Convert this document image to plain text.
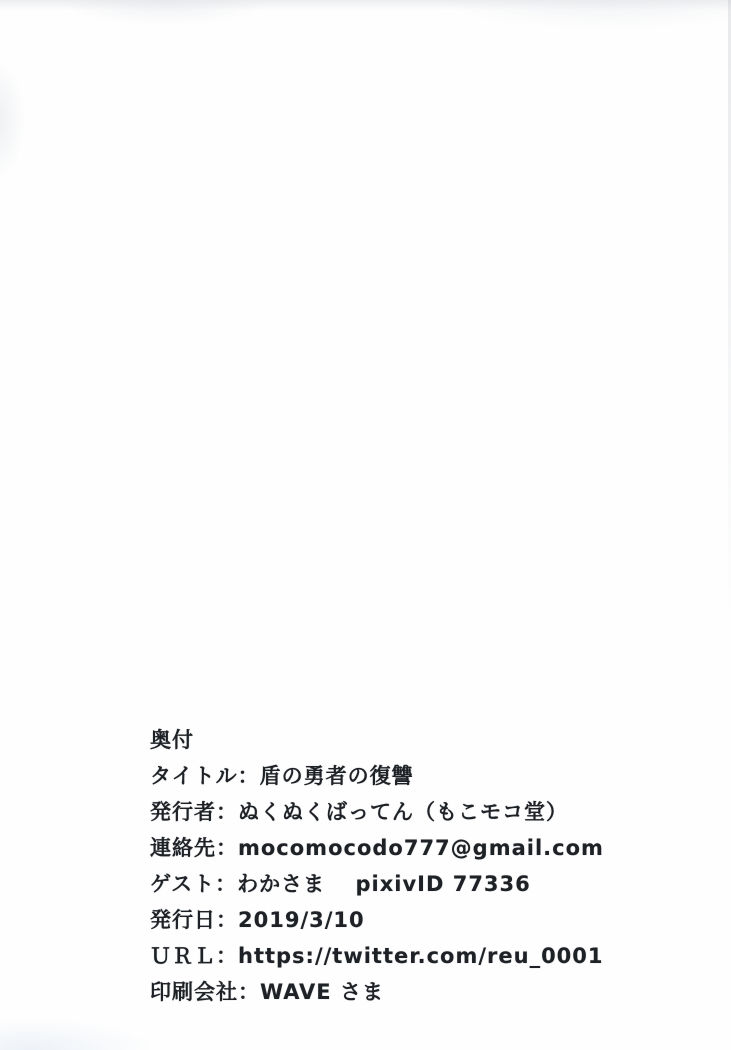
奥付
タイトル：盾の勇者の復讐
発行者：ぬくぬくばってん（もこモコ堂）
連絡先：mocomocodo777@gmail.com
ゲスト：わかさま　 pixivID 77336
発行日：2019/3/10
ＵＲＬ：https://twitter.com/reu_0001
印刷会社：WAVE さま
